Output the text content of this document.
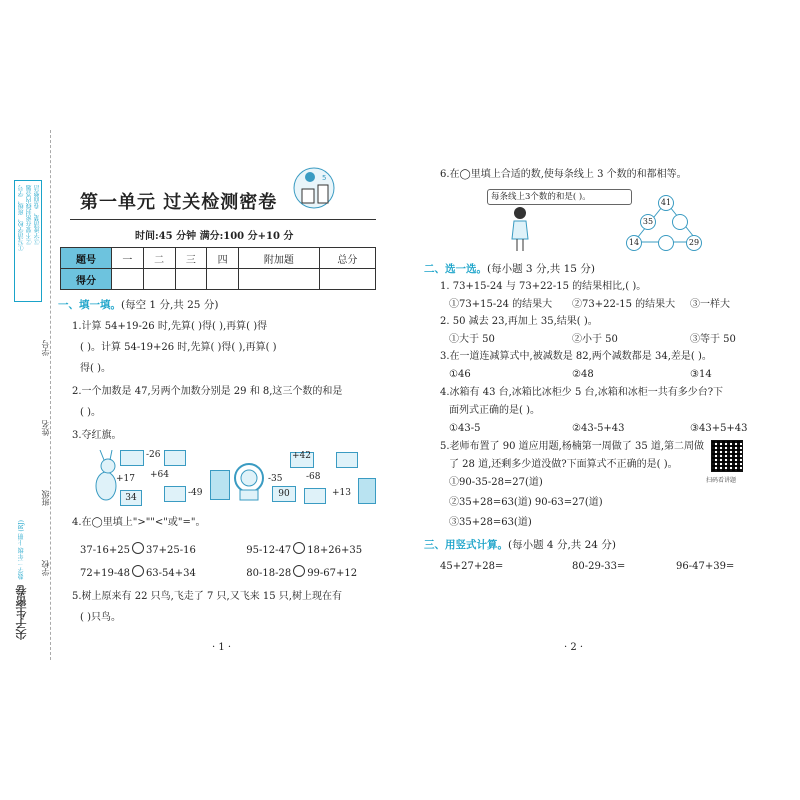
①写清学校、班级、学号 ②不要在密封线内答题 ③字迹清楚、卷面整洁
学号
姓名
班级
学校
数学 二年级 上册 (RJ)
尖子生密卷
5
第一单元 过关检测密卷
时间:45 分钟 满分:100 分+10 分
题号	一	二	三	四	附加题	总分
得分						
一、填一填。(每空 1 分,共 25 分)
1.计算 54+19-26 时,先算( )得( ),再算( )得
( )。计算 54-19+26 时,先算( )得( ),再算( )
得( )。
2.一个加数是 47,另两个加数分别是 29 和 8,这三个数的和是
( )。
3.夺红旗。
34
+17
-26
+64
-49	90
-35
+42
-68
+13
4.在◯里填上">""<"或"="。
37-16+25 37+25-16	95-12-47 18+26+35
72+19-48 63-54+34	80-18-28 99-67+12
5.树上原来有 22 只鸟,飞走了 7 只,又飞来 15 只,树上现在有
( )只鸟。
· 1 ·
6.在◯里填上合适的数,使每条线上 3 个数的和都相等。
每条线上3个数的和是( )。
41
35
14	29
二、选一选。(每小题 3 分,共 15 分)
1. 73+15-24 与 73+22-15 的结果相比,( )。
①73+15-24 的结果大 ②73+22-15 的结果大 ③一样大
2. 50 减去 23,再加上 35,结果( )。
①大于 50	②小于 50	③等于 50
3.在一道连减算式中,被减数是 82,两个减数都是 34,差是( )。
①46	②48	③14
4.冰箱有 43 台,冰箱比冰柜少 5 台,冰箱和冰柜一共有多少台?下
面列式正确的是( )。
①43-5	②43-5+43	③43+5+43
5.老师布置了 90 道应用题,杨楠第一周做了 35 道,第二周做
了 28 道,还剩多少道没做?下面算式不正确的是( )。
①90-35-28=27(道)
②35+28=63(道) 90-63=27(道)
③35+28=63(道)
扫码看讲题
三、用竖式计算。(每小题 4 分,共 24 分)
45+27+28=	80-29-33=	96-47+39=
· 2 ·
